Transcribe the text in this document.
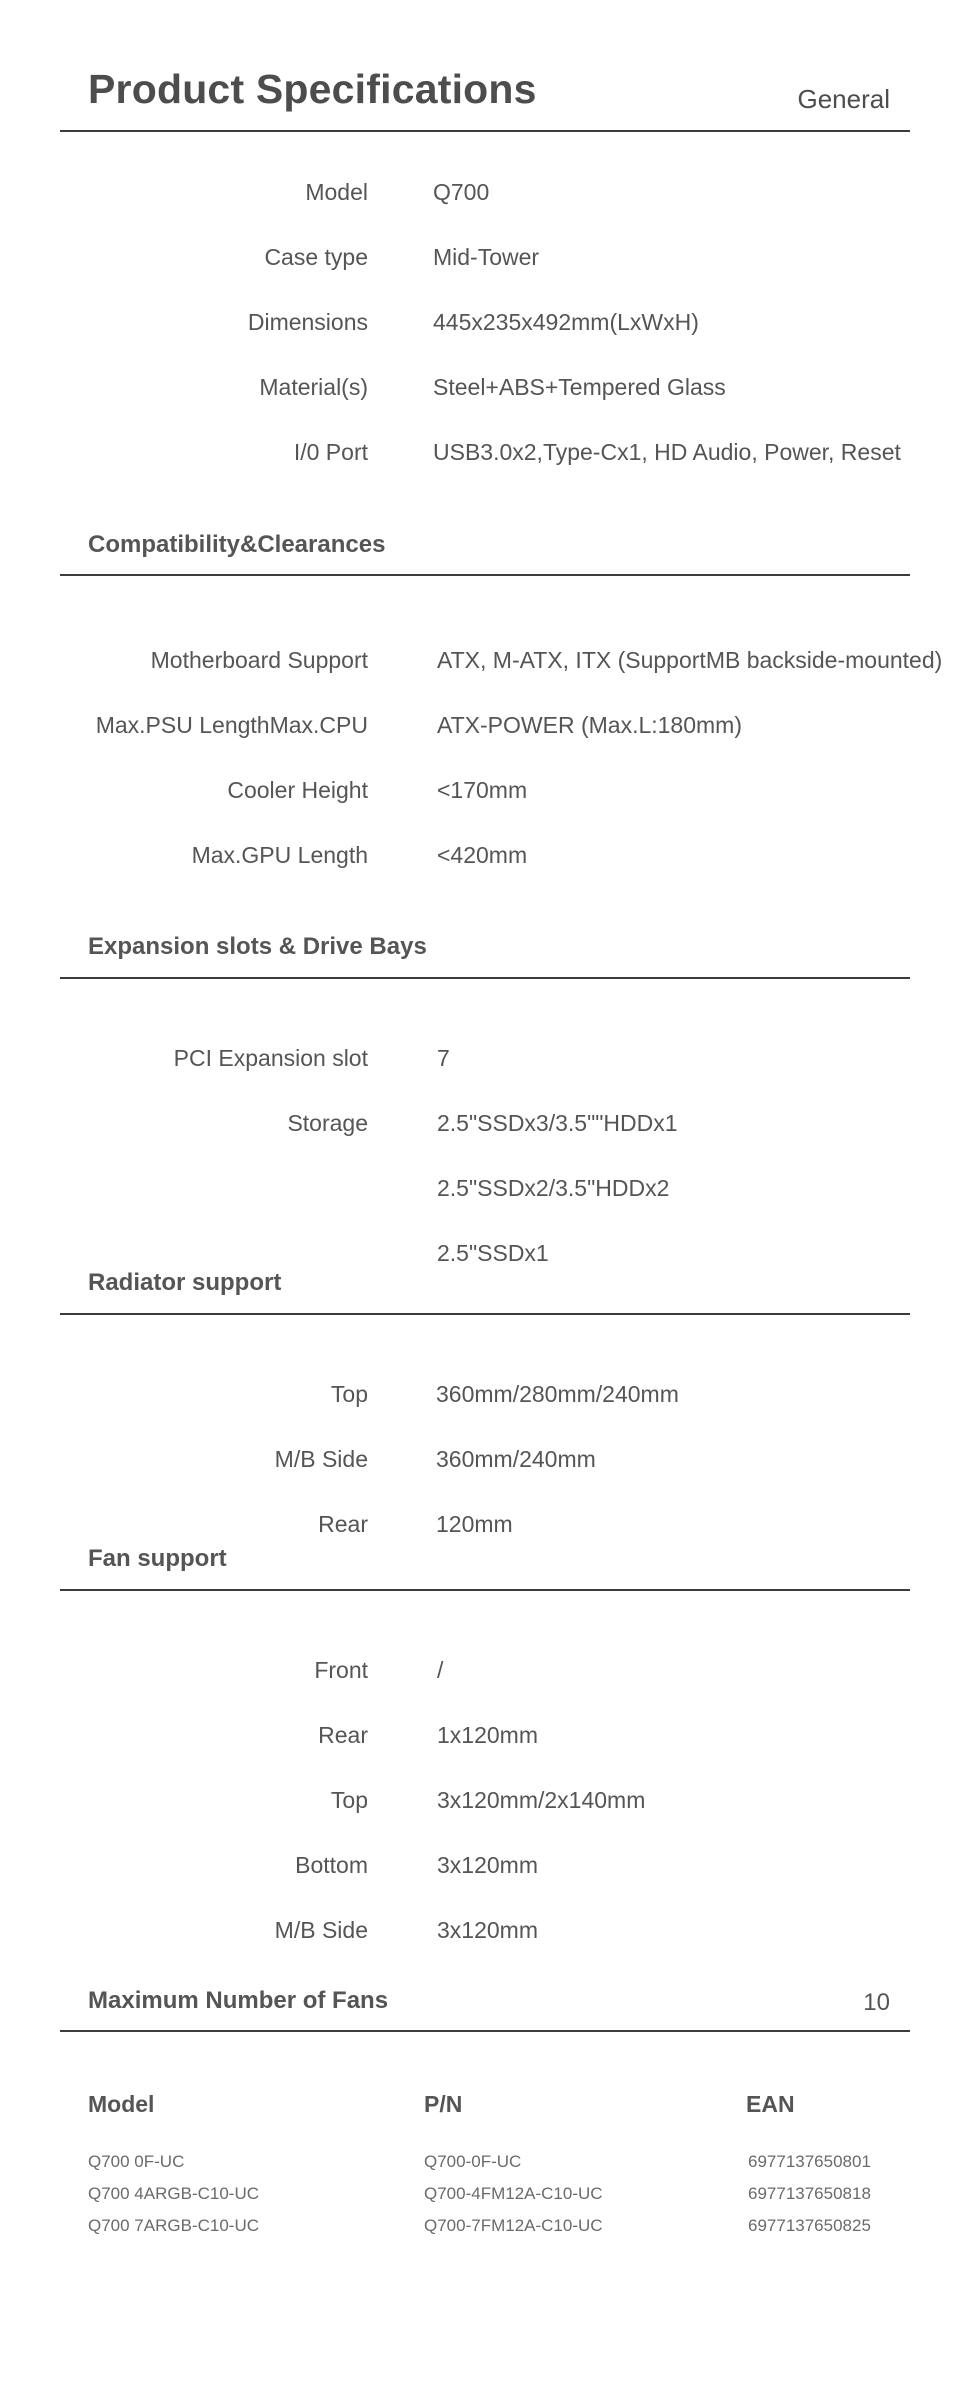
Product Specifications	General
Model	Q700
Case type	Mid-Tower
Dimensions	445x235x492mm(LxWxH)
Material(s)	Steel+ABS+Tempered Glass
I/0 Port	USB3.0x2,Type-Cx1, HD Audio, Power, Reset
Compatibility&Clearances
Motherboard Support	ATX, M-ATX, ITX (SupportMB backside-mounted)
Max.PSU LengthMax.CPU	ATX-POWER (Max.L:180mm)
Cooler Height	<170mm
Max.GPU Length	<420mm
Expansion slots & Drive Bays
PCI Expansion slot	7
Storage	2.5"SSDx3/3.5""HDDx1
2.5"SSDx2/3.5"HDDx2
2.5"SSDx1
Radiator support
Top	360mm/280mm/240mm
M/B Side	360mm/240mm
Rear	120mm
Fan support
Front	/
Rear	1x120mm
Top	3x120mm/2x140mm
Bottom	3x120mm
M/B Side	3x120mm
Maximum Number of Fans	10
Model	P/N	EAN
Q700 0F-UC	Q700-0F-UC	6977137650801
Q700 4ARGB-C10-UC	Q700-4FM12A-C10-UC	6977137650818
Q700 7ARGB-C10-UC	Q700-7FM12A-C10-UC	6977137650825
